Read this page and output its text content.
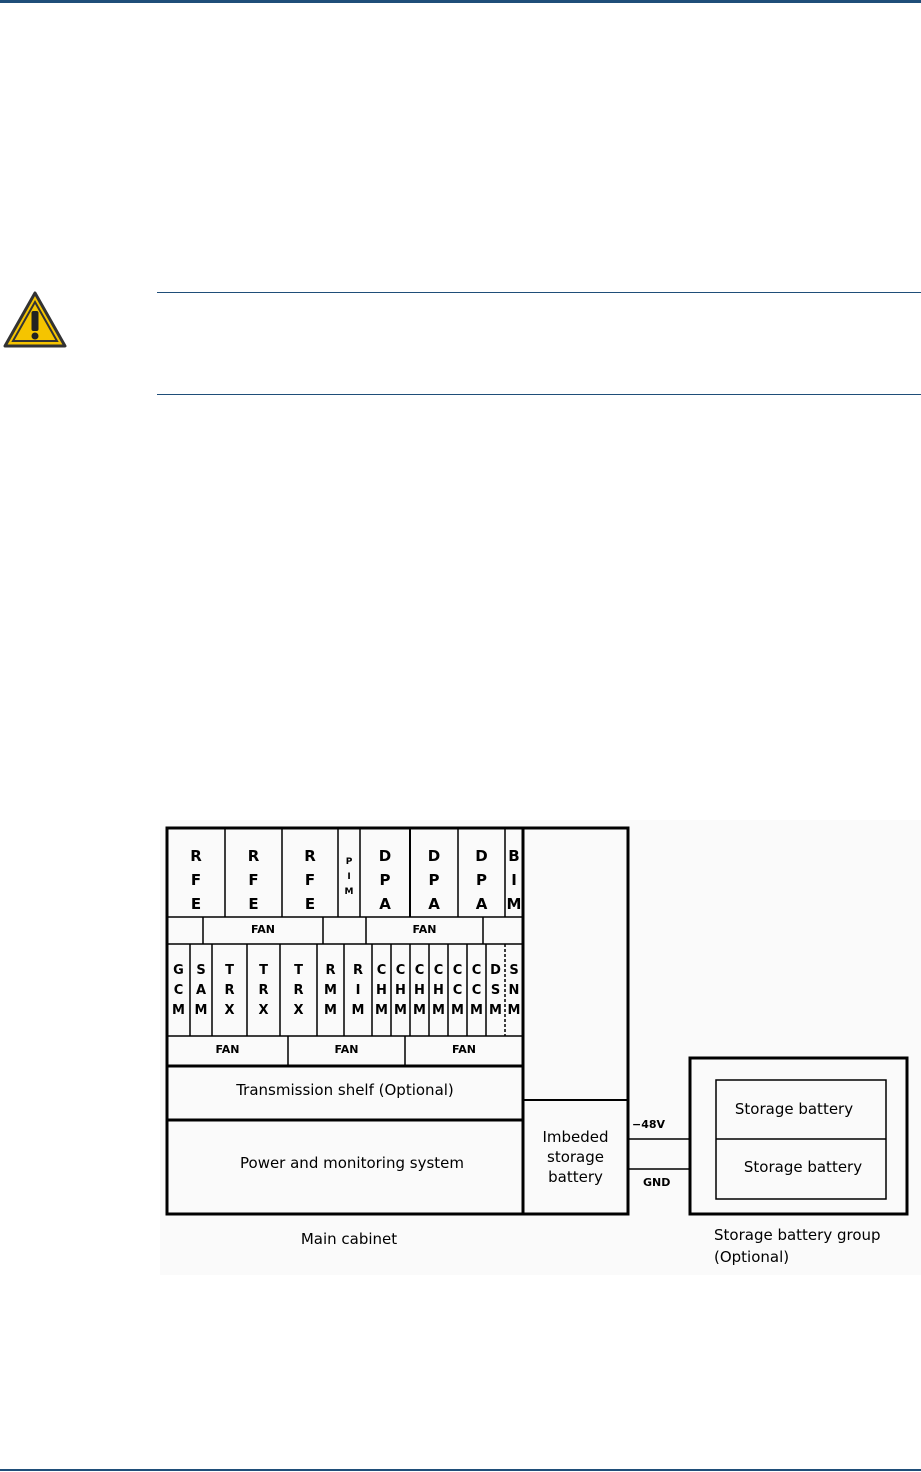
R
F
E
R
F
E
R
F
E
P
I
M
D
P
A
D
P
A
D
P
A
B
I
M
FAN	FAN
G
C
M
S
A
M
T
R
X
T
R
X
T
R
X
R
M
M
R
I
M
C
H
M
C
H
M
C
H
M
C
H
M
C
C
M
C
C
M
D
S
M
S
N
M
FAN	FAN	FAN
Transmission shelf (Optional)
Power and monitoring system
Imbeded
storage
battery
−48V
GND
Storage battery
Storage battery
Main cabinet	Storage battery group
(Optional)
